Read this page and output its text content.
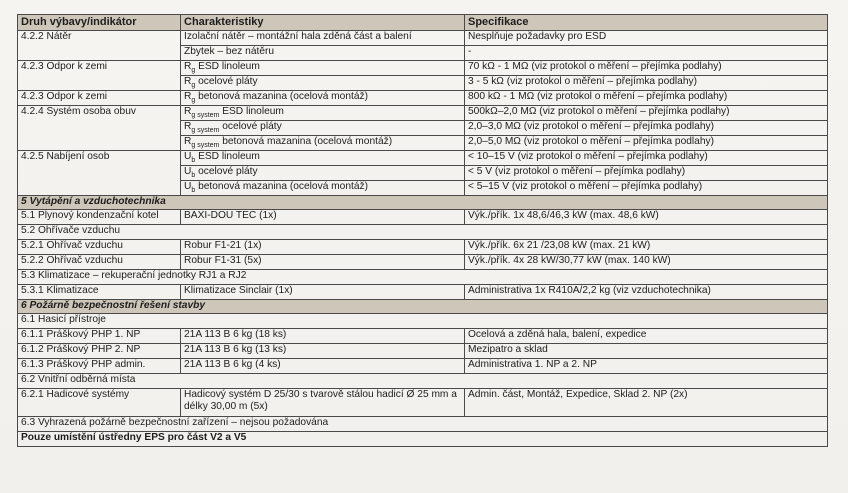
Druh výbavy/indikátor	Charakteristiky	Specifikace
4.2.2 Nátěr	Izolační nátěr – montážní hala zděná část a balení	Nesplňuje požadavky pro ESD
	Zbytek – bez nátěru	-
4.2.3 Odpor k zemi	$R_g$ ESD linoleum	70 kΩ - 1 MΩ (viz protokol o měření – přejímka podlahy)
	$R_g$ ocelové pláty	3 - 5 kΩ (viz protokol o měření – přejímka podlahy)
4.2.3 Odpor k zemi	$R_g$ betonová mazanina (ocelová montáž)	800 kΩ - 1 MΩ (viz protokol o měření – přejímka podlahy)
4.2.4 Systém osoba obuv	$R_{g system}$ ESD linoleum	500kΩ–2,0 MΩ (viz protokol o měření – přejímka podlahy)
	$R_{g system}$ ocelové pláty	2,0–3,0 MΩ (viz protokol o měření – přejímka podlahy)
	$R_{g system}$ betonová mazanina (ocelová montáž)	2,0–5,0 MΩ (viz protokol o měření – přejímka podlahy)
4.2.5 Nabíjení osob	$U_b$ ESD linoleum	< 10–15 V (viz protokol o měření – přejímka podlahy)
	$U_b$ ocelové pláty	< 5 V (viz protokol o měření – přejímka podlahy)
	$U_b$ betonová mazanina (ocelová montáž)	< 5–15 V (viz protokol o měření – přejímka podlahy)
5 Vytápění a vzduchotechnika		
5.1 Plynový kondenzační kotel	BAXI-DOU TEC (1x)	Výk./přík. 1x 48,6/46,3 kW (max. 48,6 kW)
5.2 Ohřívače vzduchu		
5.2.1 Ohřívač vzduchu	Robur F1-21 (1x)	Výk./přík. 6x 21 /23,08 kW (max. 21 kW)
5.2.2 Ohřívač vzduchu	Robur F1-31 (5x)	Výk./přík. 4x 28 kW/30,77 kW (max. 140 kW)
5.3 Klimatizace – rekuperační jednotky RJ1 a RJ2		
5.3.1 Klimatizace	Klimatizace Sinclair (1x)	Administrativa 1x R410A/2,2 kg (viz vzduchotechnika)
6 Požárně bezpečnostní řešení stavby		
6.1 Hasicí přístroje		
6.1.1 Práškový PHP 1. NP	21A 113 B 6 kg (18 ks)	Ocelová a zděná hala, balení, expedice
6.1.2 Práškový PHP 2. NP	21A 113 B 6 kg (13 ks)	Mezipatro a sklad
6.1.3 Práškový PHP admin.	21A 113 B 6 kg (4 ks)	Administrativa 1. NP a 2. NP
6.2 Vnitřní odběrná místa		
6.2.1 Hadicové systémy	Hadicový systém D 25/30 s tvarově stálou hadicí Ø 25 mm a délky 30,00 m (5x)	Admin. část, Montáž, Expedice, Sklad 2. NP (2x)
6.3 Vyhrazená požárně bezpečnostní zařízení – nejsou požadována		
Pouze umístění ústředny EPS pro část V2 a V5		
